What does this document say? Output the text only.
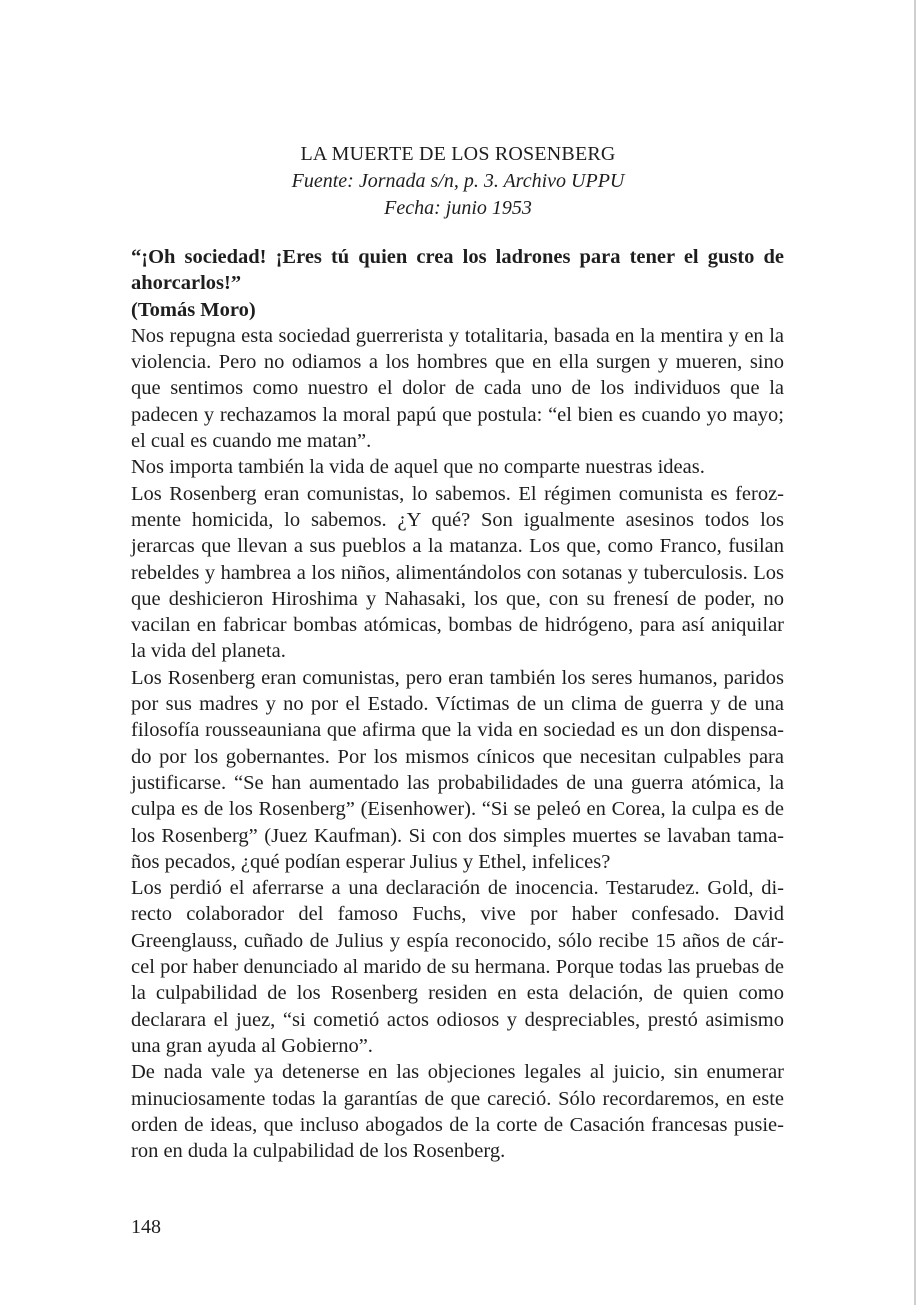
LA MUERTE DE LOS ROSENBERG
Fuente: Jornada s/n, p. 3. Archivo UPPU
Fecha: junio 1953

“¡Oh sociedad! ¡Eres tú quien crea los ladrones para tener el gusto de ahorcarlos!”

(Tomás Moro)

Nos repugna esta sociedad guerrerista y totalitaria, basada en la mentira y en la violencia. Pero no odiamos a los hombres que en ella surgen y mueren, sino que sentimos como nuestro el dolor de cada uno de los individuos que la padecen y rechazamos la moral papú que postula: “el bien es cuando yo mayo; el cual es cuando me matan”.

Nos importa también la vida de aquel que no comparte nuestras ideas.

Los Rosenberg eran comunistas, lo sabemos. El régimen comunista es ferozmente homicida, lo sabemos. ¿Y qué? Son igualmente asesinos todos los jerarcas que llevan a sus pueblos a la matanza. Los que, como Franco, fusilan rebeldes y hambrea a los niños, alimentándolos con sotanas y tuberculosis. Los que deshicieron Hiroshima y Nahasaki, los que, con su frenesí de poder, no vacilan en fabricar bombas atómicas, bombas de hidrógeno, para así aniquilar la vida del planeta.

Los Rosenberg eran comunistas, pero eran también los seres humanos, paridos por sus madres y no por el Estado. Víctimas de un clima de guerra y de una filosofía rousseauniana que afirma que la vida en sociedad es un don dispensado por los gobernantes. Por los mismos cínicos que necesitan culpables para justificarse. “Se han aumentado las probabilidades de una guerra atómica, la culpa es de los Rosenberg” (Eisenhower). “Si se peleó en Corea, la culpa es de los Rosenberg” (Juez Kaufman). Si con dos simples muertes se lavaban tamaños pecados, ¿qué podían esperar Julius y Ethel, infelices?

Los perdió el aferrarse a una declaración de inocencia. Testarudez. Gold, directo colaborador del famoso Fuchs, vive por haber confesado. David Greenglauss, cuñado de Julius y espía reconocido, sólo recibe 15 años de cárcel por haber denunciado al marido de su hermana. Porque todas las pruebas de la culpabilidad de los Rosenberg residen en esta delación, de quien como declarara el juez, “si cometió actos odiosos y despreciables, prestó asimismo una gran ayuda al Gobierno”.

De nada vale ya detenerse en las objeciones legales al juicio, sin enumerar minuciosamente todas la garantías de que careció. Sólo recordaremos, en este orden de ideas, que incluso abogados de la corte de Casación francesas pusieron en duda la culpabilidad de los Rosenberg.

148
